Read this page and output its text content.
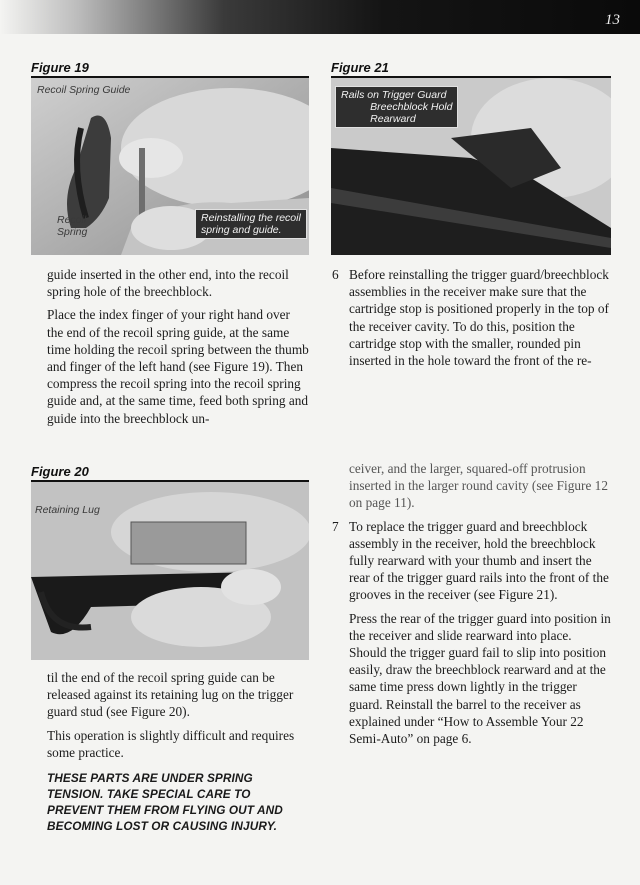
13
Figure 19
Recoil Spring Guide
Recoil
Spring
Reinstalling the recoil
spring and guide.
Figure 21
Rails on Trigger Guard
Breechblock Hold
Rearward

guide inserted in the other end, into the recoil spring hole of the breechblock.

Place the index finger of your right hand over the end of the recoil spring guide, at the same time holding the recoil spring between the thumb and finger of the left hand (see Figure 19). Then compress the recoil spring into the recoil spring guide and, at the same time, feed both spring and guide into the breechblock un-

6 Before reinstalling the trigger guard/breechblock assemblies in the receiver make sure that the cartridge stop is positioned properly in the top of the receiver cavity. To do this, position the cartridge stop with the smaller, rounded pin inserted in the hole toward the front of the re-
Figure 20
Retaining Lug

til the end of the recoil spring guide can be released against its retaining lug on the trigger guard stud (see Figure 20).

This operation is slightly difficult and requires some practice.

THESE PARTS ARE UNDER SPRING TENSION. TAKE SPECIAL CARE TO PREVENT THEM FROM FLYING OUT AND BECOMING LOST OR CAUSING INJURY.

ceiver, and the larger, squared-off protrusion inserted in the larger round cavity (see Figure 12 on page 11).

7 To replace the trigger guard and breechblock assembly in the receiver, hold the breechblock fully rearward with your thumb and insert the rear of the trigger guard rails into the front of the grooves in the receiver (see Figure 21).

Press the rear of the trigger guard into position in the receiver and slide rearward into place. Should the trigger guard fail to slip into position easily, draw the breechblock rearward and at the same time press down lightly in the trigger guard. Reinstall the barrel to the receiver as explained under “How to Assemble Your 22 Semi-Auto” on page 6.
